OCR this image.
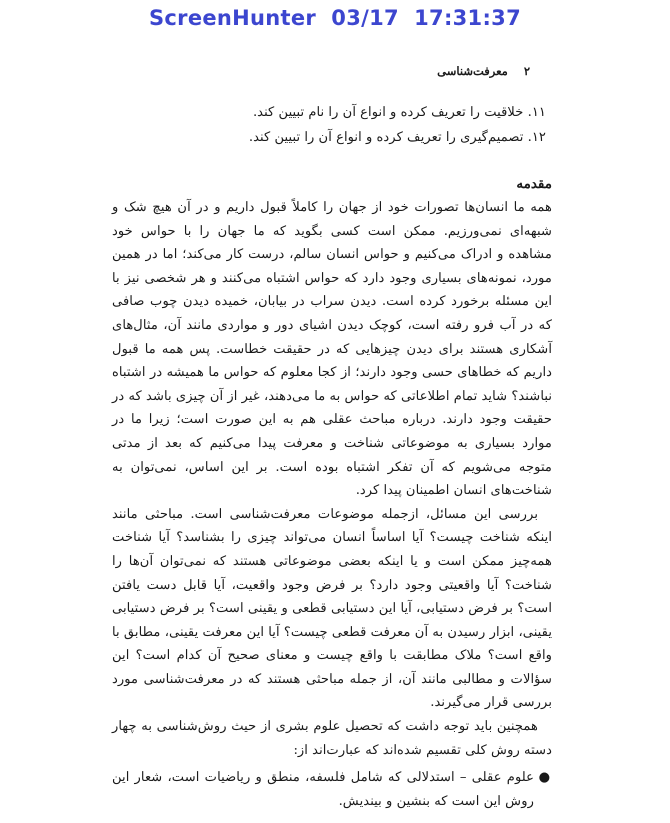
ScreenHunter  03/17  17:31:37
۲
معرفت‌شناسی
۱۱. خلاقیت را تعریف کرده و انواع آن را نام تبیین کند.
۱۲. تصمیم‌گیری را تعریف کرده و انواع آن را تبیین کند.
مقدمه

همه ما انسان‌ها تصورات خود از جهان را کاملاً قبول داریم و در آن هیچ شک و شبهه‌ای نمی‌ورزیم. ممکن است کسی بگوید که ما جهان را با حواس خود مشاهده و ادراک می‌کنیم و حواس انسان سالم، درست کار می‌کند؛ اما در همین مورد، نمونه‌های بسیاری وجود دارد که حواس اشتباه می‌کنند و هر شخصی نیز با این مسئله برخورد کرده است. دیدن سراب در بیابان، خمیده دیدن چوب صافی که در آب فرو رفته است، کوچک دیدن اشیای دور و مواردی مانند آن، مثال‌های آشکاری هستند برای دیدن چیزهایی که در حقیقت خطاست. پس همه ما قبول داریم که خطاهای حسی وجود دارند؛ از کجا معلوم که حواس ما همیشه در اشتباه نباشند؟ شاید تمام اطلاعاتی که حواس به ما می‌دهند، غیر از آن چیزی باشد که در حقیقت وجود دارند. درباره مباحث عقلی هم به این صورت است؛ زیرا ما در موارد بسیاری به موضوعاتی شناخت و معرفت پیدا می‌کنیم که بعد از مدتی متوجه می‌شویم که آن تفکر اشتباه بوده است. بر این اساس، نمی‌توان به شناخت‌های انسان اطمینان پیدا کرد.

بررسی این مسائل، ازجمله موضوعات معرفت‌شناسی است. مباحثی مانند اینکه شناخت چیست؟ آیا اساساً انسان می‌تواند چیزی را بشناسد؟ آیا شناخت همه‌چیز ممکن است و یا اینکه بعضی موضوعاتی هستند که نمی‌توان آن‌ها را شناخت؟ آیا واقعیتی وجود دارد؟ بر فرض وجود واقعیت، آیا قابل دست یافتن است؟ بر فرض دستیابی، آیا این دستیابی قطعی و یقینی است؟ بر فرض دستیابی یقینی، ابزار رسیدن به آن معرفت قطعی چیست؟ آیا این معرفت یقینی، مطابق با واقع است؟ ملاک مطابقت با واقع چیست و معنای صحیح آن کدام است؟ این سؤالات و مطالبی مانند آن، از جمله مباحثی هستند که در معرفت‌شناسی مورد بررسی قرار می‌گیرند.

همچنین باید توجه داشت که تحصیل علوم بشری از حیث روش‌شناسی به چهار دسته روش کلی تقسیم شده‌اند که عبارت‌اند از:

●
علوم عقلی – استدلالی که شامل فلسفه، منطق و ریاضیات است، شعار این روش این است که بنشین و بیندیش.
